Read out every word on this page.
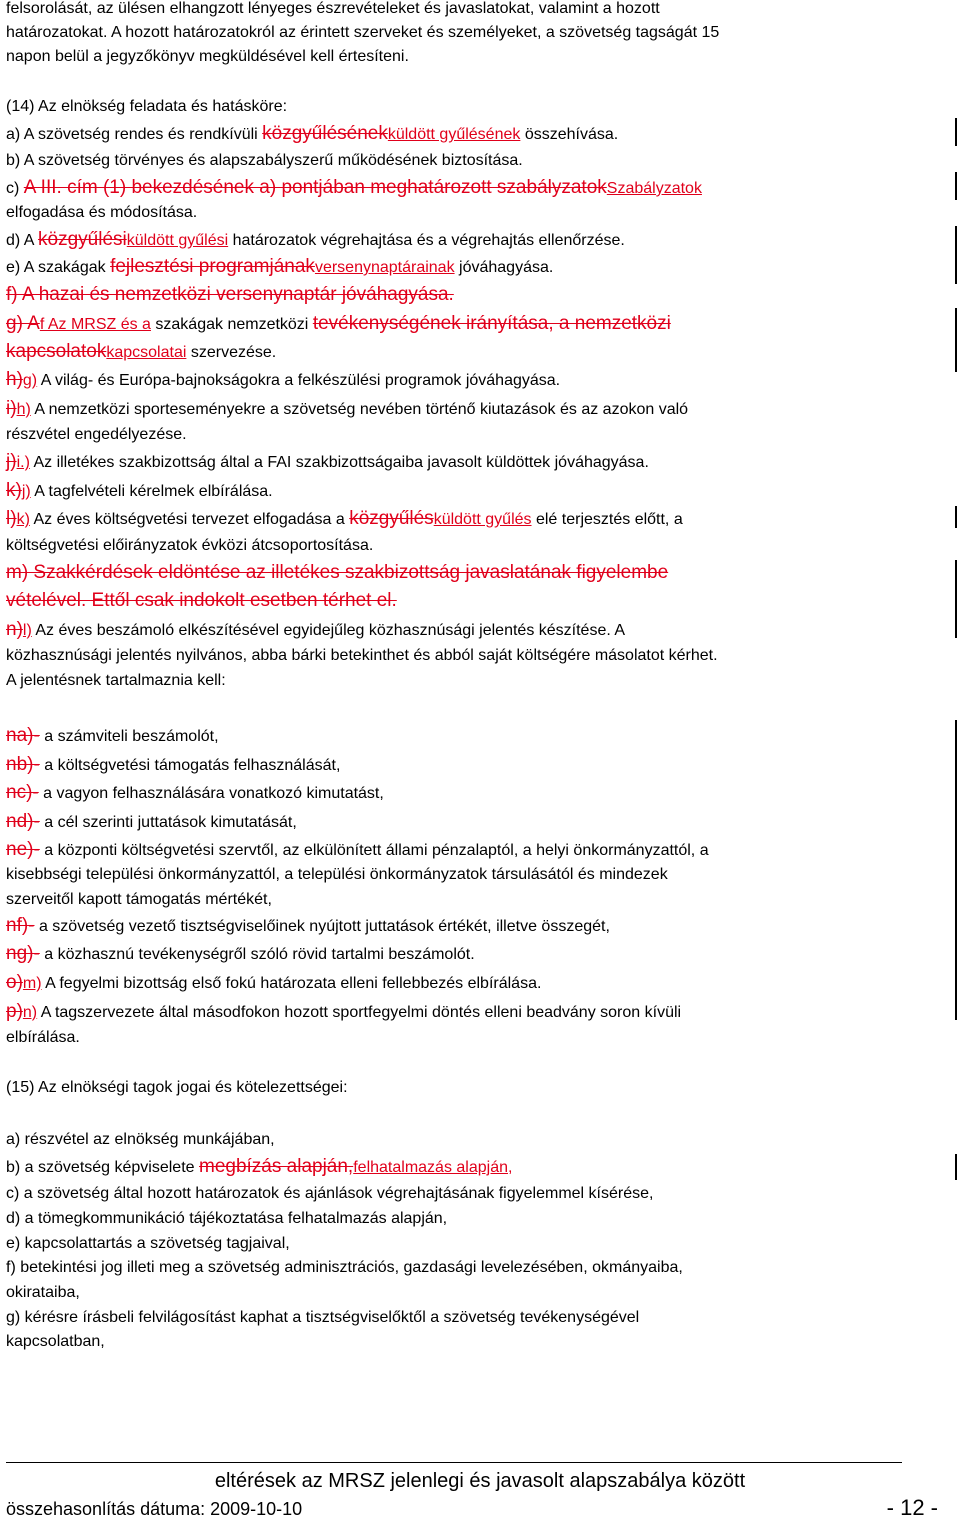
felsorolását, az ülésen elhangzott lényeges észrevételeket és javaslatokat, valamint a hozott
határozatokat. A hozott határozatokról az érintett szerveket és személyeket, a szövetség tagságát 15
napon belül a jegyzőkönyv megküldésével kell értesíteni.
(14) Az elnökség feladata és hatásköre:
a) A szövetség rendes és rendkívüli közgyűlésénekküldött gyűlésének összehívása.
b) A szövetség törvényes és alapszabályszerű működésének biztosítása.
c) A III. cím (1) bekezdésének a) pontjában meghatározott szabályzatokSzabályzatok
elfogadása és módosítása.
d) A közgyűlésiküldött gyűlési határozatok végrehajtása és a végrehajtás ellenőrzése.
e) A szakágak fejlesztési programjánakversenynaptárainak jóváhagyása.
f) A hazai és nemzetközi versenynaptár jóváhagyása.
g) Af Az MRSZ és a szakágak nemzetközi tevékenységének irányítása, a nemzetközi
kapcsolatokkapcsolatai szervezése.
h)g) A világ- és Európa-bajnokságokra a felkészülési programok jóváhagyása.
i)h) A nemzetközi sporteseményekre a szövetség nevében történő kiutazások és az azokon való
részvétel engedélyezése.
j)i.) Az illetékes szakbizottság által a FAI szakbizottságaiba javasolt küldöttek jóváhagyása.
k)j) A tagfelvételi kérelmek elbírálása.
l)k) Az éves költségvetési tervezet elfogadása a közgyűlésküldött gyűlés elé terjesztés előtt, a
költségvetési előirányzatok évközi átcsoportosítása.
m) Szakkérdések eldöntése az illetékes szakbizottság javaslatának figyelembe
vételével. Ettől csak indokolt esetben térhet el.
n)l) Az éves beszámoló elkészítésével egyidejűleg közhasznúsági jelentés készítése. A
közhasznúsági jelentés nyilvános, abba bárki betekinthet és abból saját költségére másolatot kérhet.
A jelentésnek tartalmaznia kell:
na)- a számviteli beszámolót,
nb)- a költségvetési támogatás felhasználását,
nc)- a vagyon felhasználására vonatkozó kimutatást,
nd)- a cél szerinti juttatások kimutatását,
ne)- a központi költségvetési szervtől, az elkülönített állami pénzalaptól, a helyi önkormányzattól, a
kisebbségi települési önkormányzattól, a települési önkormányzatok társulásától és mindezek
szerveitől kapott támogatás mértékét,
nf)- a szövetség vezető tisztségviselőinek nyújtott juttatások értékét, illetve összegét,
ng)- a közhasznú tevékenységről szóló rövid tartalmi beszámolót.
o)m) A fegyelmi bizottság első fokú határozata elleni fellebbezés elbírálása.
p)n) A tagszervezete által másodfokon hozott sportfegyelmi döntés elleni beadvány soron kívüli
elbírálása.
(15) Az elnökségi tagok jogai és kötelezettségei:
a) részvétel az elnökség munkájában,
b) a szövetség képviselete megbízás alapján,felhatalmazás alapján,
c) a szövetség által hozott határozatok és ajánlások végrehajtásának figyelemmel kísérése,
d) a tömegkommunikáció tájékoztatása felhatalmazás alapján,
e) kapcsolattartás a szövetség tagjaival,
f) betekintési jog illeti meg a szövetség adminisztrációs, gazdasági levelezésében, okmányaiba,
okirataiba,
g) kérésre írásbeli felvilágosítást kaphat a tisztségviselőktől a szövetség tevékenységével
kapcsolatban,
eltérések az MRSZ jelenlegi és javasolt alapszabálya között
összehasonlítás dátuma: 2009-10-10	- 12 -
